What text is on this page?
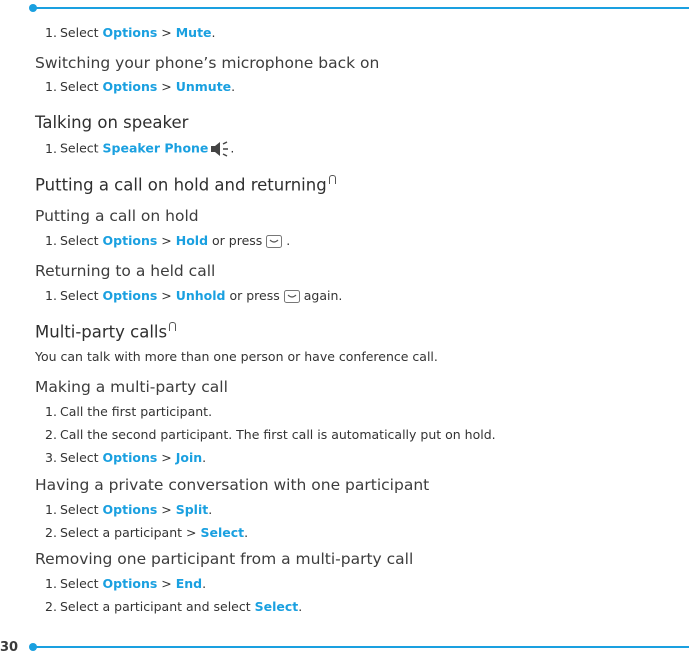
30
1. Select Options > Mute.
Switching your phone’s microphone back on
1. Select Options > Unmute.
Talking on speaker
1. Select Speaker Phone .
Putting a call on hold and returning
Putting a call on hold
1. Select Options > Hold or press .
Returning to a held call
1. Select Options > Unhold or press again.
Multi-party calls
You can talk with more than one person or have conference call.
Making a multi-party call
1. Call the first participant.
2. Call the second participant. The first call is automatically put on hold.
3. Select Options > Join.
Having a private conversation with one participant
1. Select Options > Split.
2. Select a participant > Select.
Removing one participant from a multi-party call
1. Select Options > End.
2. Select a participant and select Select.
